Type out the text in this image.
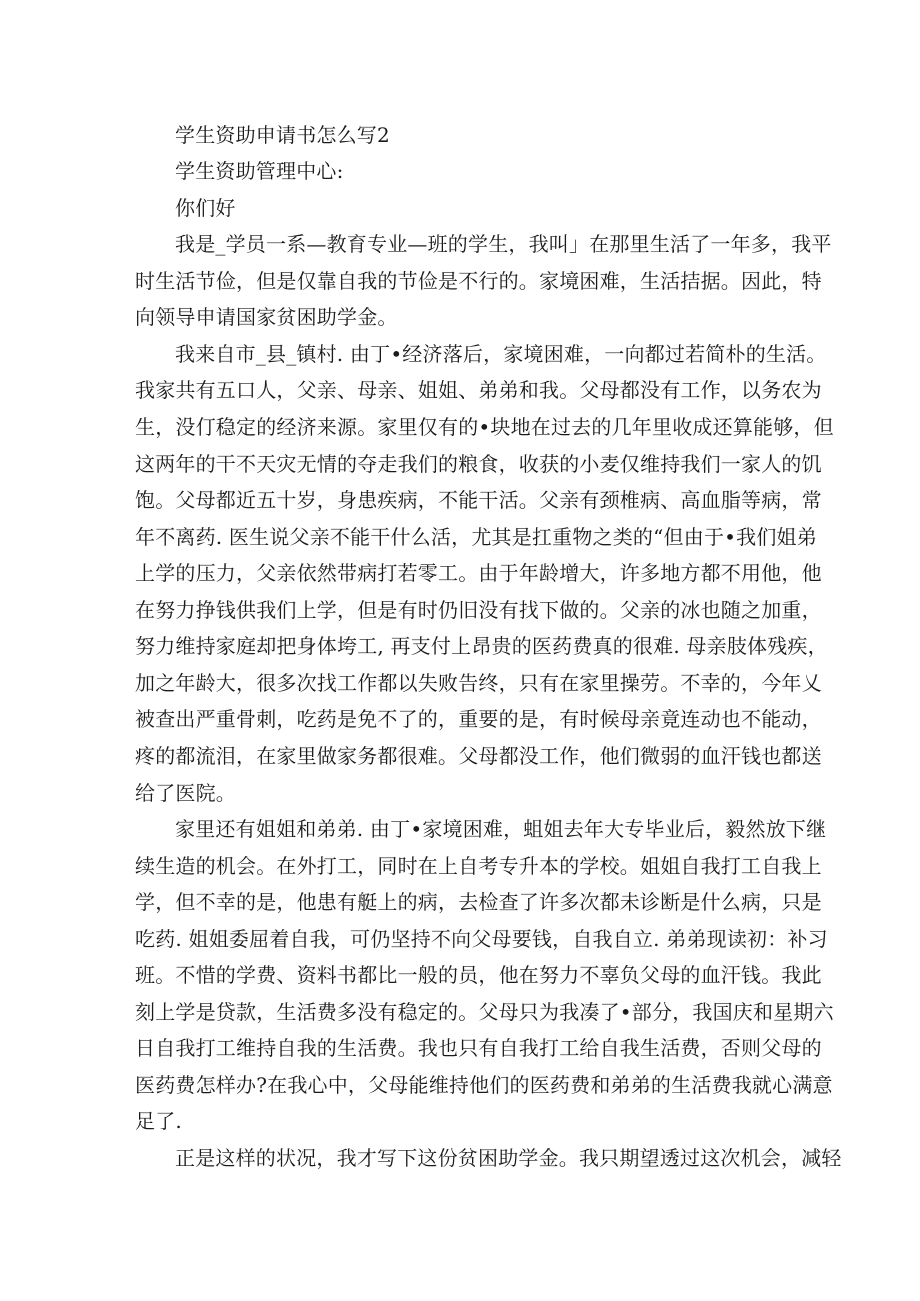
学生资助申请书怎么写2
学生资助管理中心:
你们好
我是_学员一系—教育专业—班的学生，我叫」在那里生活了一年多，我平
时生活节俭，但是仅靠自我的节俭是不行的。家境困难，生活拮据。因此，特
向领导申请国家贫困助学金。
我来自市_县_镇村. 由丁•经济落后，家境困难，一向都过若简朴的生活。
我家共有五口人，父亲、母亲、姐姐、弟弟和我。父母都没有工作，以务农为
生，没仃稳定的经济来源。家里仅有的•块地在过去的几年里收成还算能够，但
这两年的干不天灾无情的夺走我们的粮食，收获的小麦仅维持我们一家人的饥
饱。父母都近五十岁，身患疾病，不能干活。父亲有颈椎病、高血脂等病，常
年不离药. 医生说父亲不能干什么活，尤其是扛重物之类的“但由于•我们姐弟
上学的压力，父亲依然带病打若零工。由于年龄增大，许多地方都不用他，他
在努力挣钱供我们上学，但是有时仍旧没有找下做的。父亲的冰也随之加重，
努力维持家庭却把身体垮工, 再支付上昂贵的医药费真的很难. 母亲肢体残疾，
加之年龄大，很多次找工作都以失败告终，只有在家里操劳。不幸的，今年乂
被查出严重骨刺，吃药是免不了的，重要的是，有时候母亲竟连动也不能动，
疼的都流泪，在家里做家务都很难。父母都没工作，他们微弱的血汗钱也都送
给了医院。
家里还有姐姐和弟弟. 由丁•家境困难，蛆姐去年大专毕业后，毅然放下继
续生造的机会。在外打工，同时在上自考专升本的学校。姐姐自我打工自我上
学，但不幸的是，他患有艇上的病，去检查了许多次都未诊断是什么病，只是
吃药. 姐姐委屈着自我，可仍坚持不向父母要钱，自我自立. 弟弟现读初：补习
班。不惜的学费、资料书都比一般的员，他在努力不辜负父母的血汗钱。我此
刻上学是贷款，生活费多没有稳定的。父母只为我凑了•部分，我国庆和星期六
日自我打工维持自我的生活费。我也只有自我打工给自我生活费，否则父母的
医药费怎样办?在我心中，父母能维持他们的医药费和弟弟的生活费我就心满意
足了.
正是这样的状况，我才写下这份贫困助学金。我只期望透过这次机会，减轻
